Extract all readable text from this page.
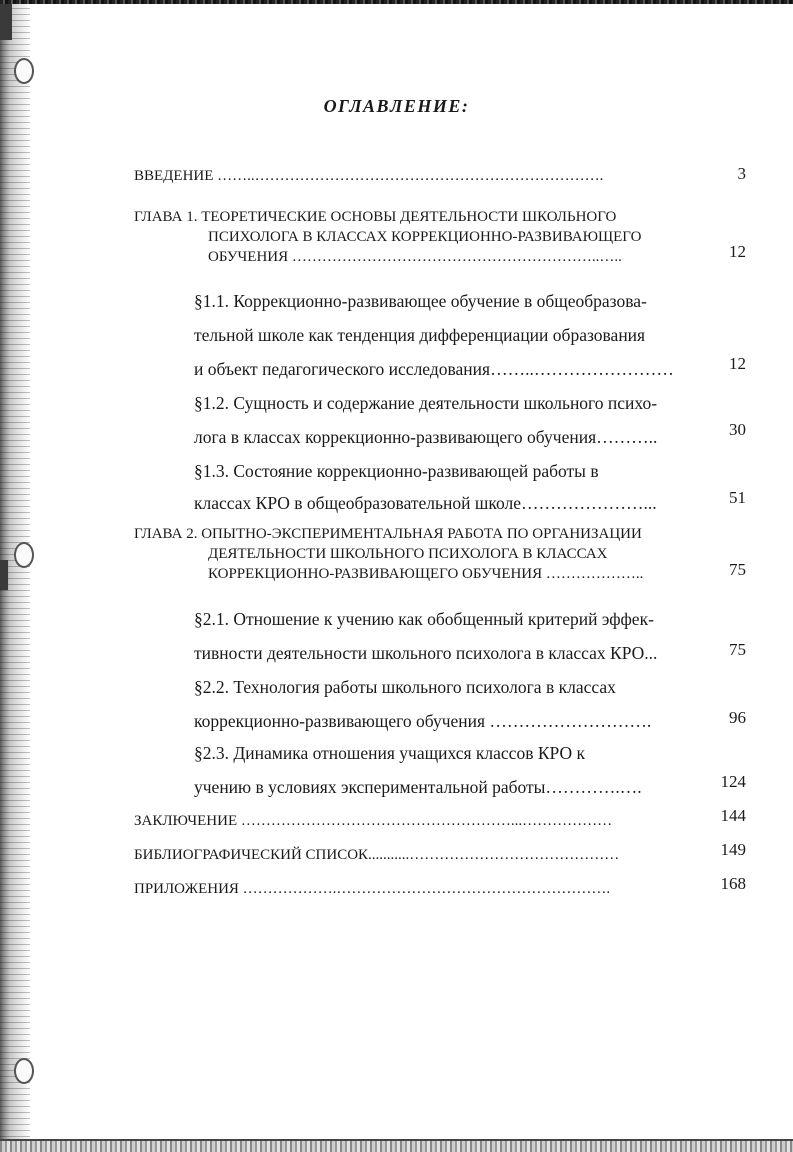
ОГЛАВЛЕНИЕ:
ВВЕДЕНИЕ ……..…………………………………………………………….	3
ГЛАВА 1. ТЕОРЕТИЧЕСКИЕ ОСНОВЫ ДЕЯТЕЛЬНОСТИ ШКОЛЬНОГО
ПСИХОЛОГА В КЛАССАХ КОРРЕКЦИОННО-РАЗВИВАЮЩЕГО
ОБУЧЕНИЯ ……………………………………………………..…..	12
§1.1. Коррекционно-развивающее обучение в общеобразова-
тельной школе как тенденция дифференциации образования
и объект педагогического исследования……..……………………	12
§1.2. Сущность и содержание деятельности школьного психо-
лога в классах коррекционно-развивающего обучения………..	30
§1.3. Состояние коррекционно-развивающей работы в
классах КРО в общеобразовательной школе…………………...	51
ГЛАВА 2. ОПЫТНО-ЭКСПЕРИМЕНТАЛЬНАЯ РАБОТА ПО ОРГАНИЗАЦИИ
ДЕЯТЕЛЬНОСТИ ШКОЛЬНОГО ПСИХОЛОГА В КЛАССАХ
КОРРЕКЦИОННО-РАЗВИВАЮЩЕГО ОБУЧЕНИЯ ………………..	75
§2.1. Отношение к учению как обобщенный критерий эффек-
тивности деятельности школьного психолога в классах КРО...	75
§2.2. Технология работы школьного психолога в классах
коррекционно-развивающего обучения ……………………….	96
§2.3. Динамика отношения учащихся классов КРО к
учению в условиях экспериментальной работы………….….	124
ЗАКЛЮЧЕНИЕ ………………………………………………...………………	144
БИБЛИОГРАФИЧЕСКИЙ СПИСОК...........……………………………………	149
ПРИЛОЖЕНИЯ ……………….……………………………………………….	168
